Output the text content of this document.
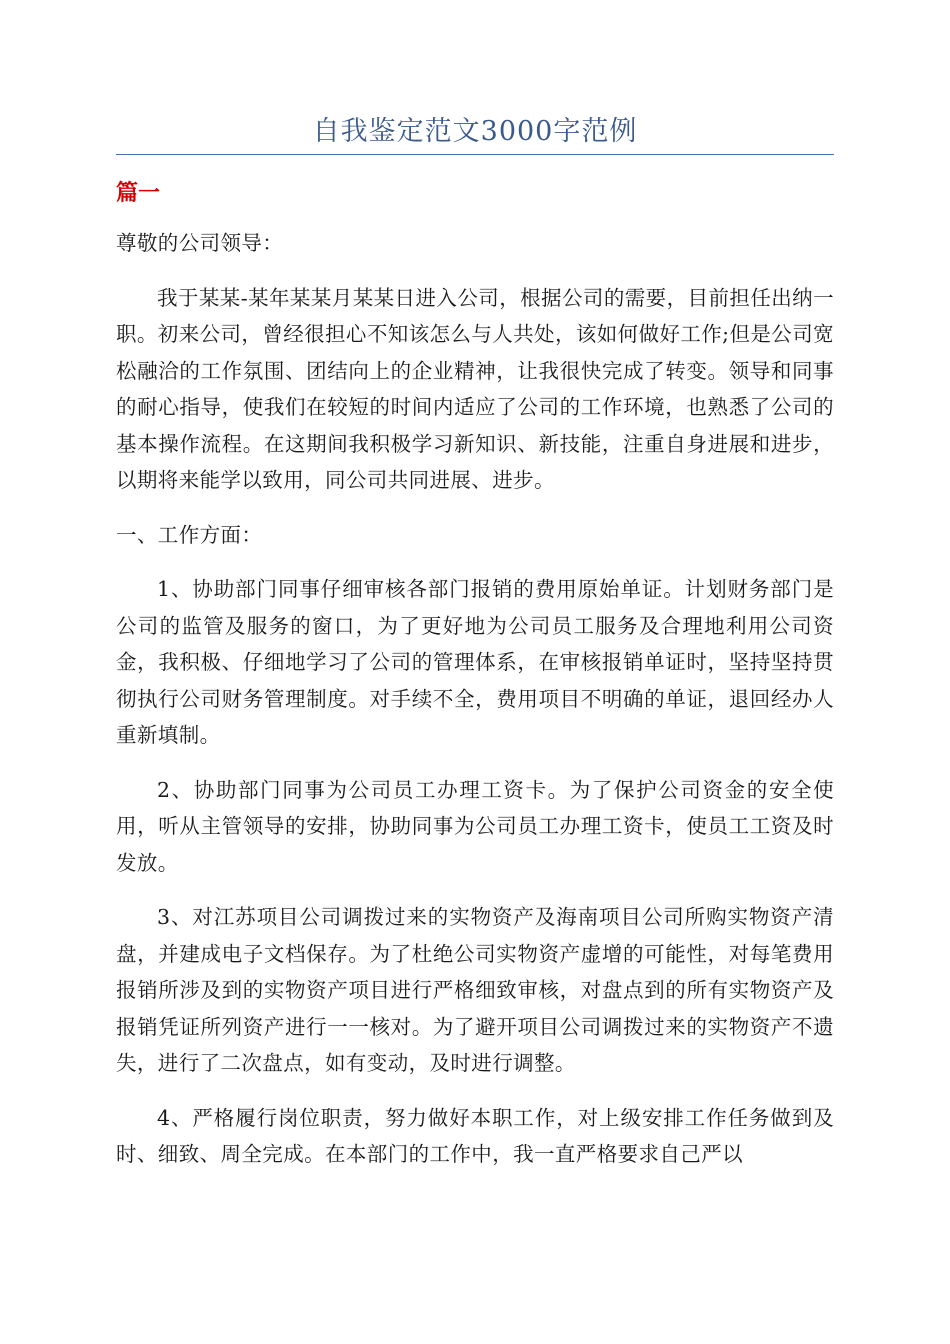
自我鉴定范文3000字范例
篇一

尊敬的公司领导：

我于某某-某年某某月某某日进入公司，根据公司的需要，目前担任出纳一职。初来公司，曾经很担心不知该怎么与人共处，该如何做好工作;但是公司宽松融洽的工作氛围、团结向上的企业精神，让我很快完成了转变。领导和同事的耐心指导，使我们在较短的时间内适应了公司的工作环境，也熟悉了公司的基本操作流程。在这期间我积极学习新知识、新技能，注重自身进展和进步，以期将来能学以致用，同公司共同进展、进步。

一、工作方面：

1、协助部门同事仔细审核各部门报销的费用原始单证。计划财务部门是公司的监管及服务的窗口，为了更好地为公司员工服务及合理地利用公司资金，我积极、仔细地学习了公司的管理体系，在审核报销单证时，坚持坚持贯彻执行公司财务管理制度。对手续不全，费用项目不明确的单证，退回经办人重新填制。

2、协助部门同事为公司员工办理工资卡。为了保护公司资金的安全使用，听从主管领导的安排，协助同事为公司员工办理工资卡，使员工工资及时发放。

3、对江苏项目公司调拨过来的实物资产及海南项目公司所购实物资产清盘，并建成电子文档保存。为了杜绝公司实物资产虚增的可能性，对每笔费用报销所涉及到的实物资产项目进行严格细致审核，对盘点到的所有实物资产及报销凭证所列资产进行一一核对。为了避开项目公司调拨过来的实物资产不遗失，进行了二次盘点，如有变动，及时进行调整。

4、严格履行岗位职责，努力做好本职工作，对上级安排工作任务做到及时、细致、周全完成。在本部门的工作中，我一直严格要求自己严以
